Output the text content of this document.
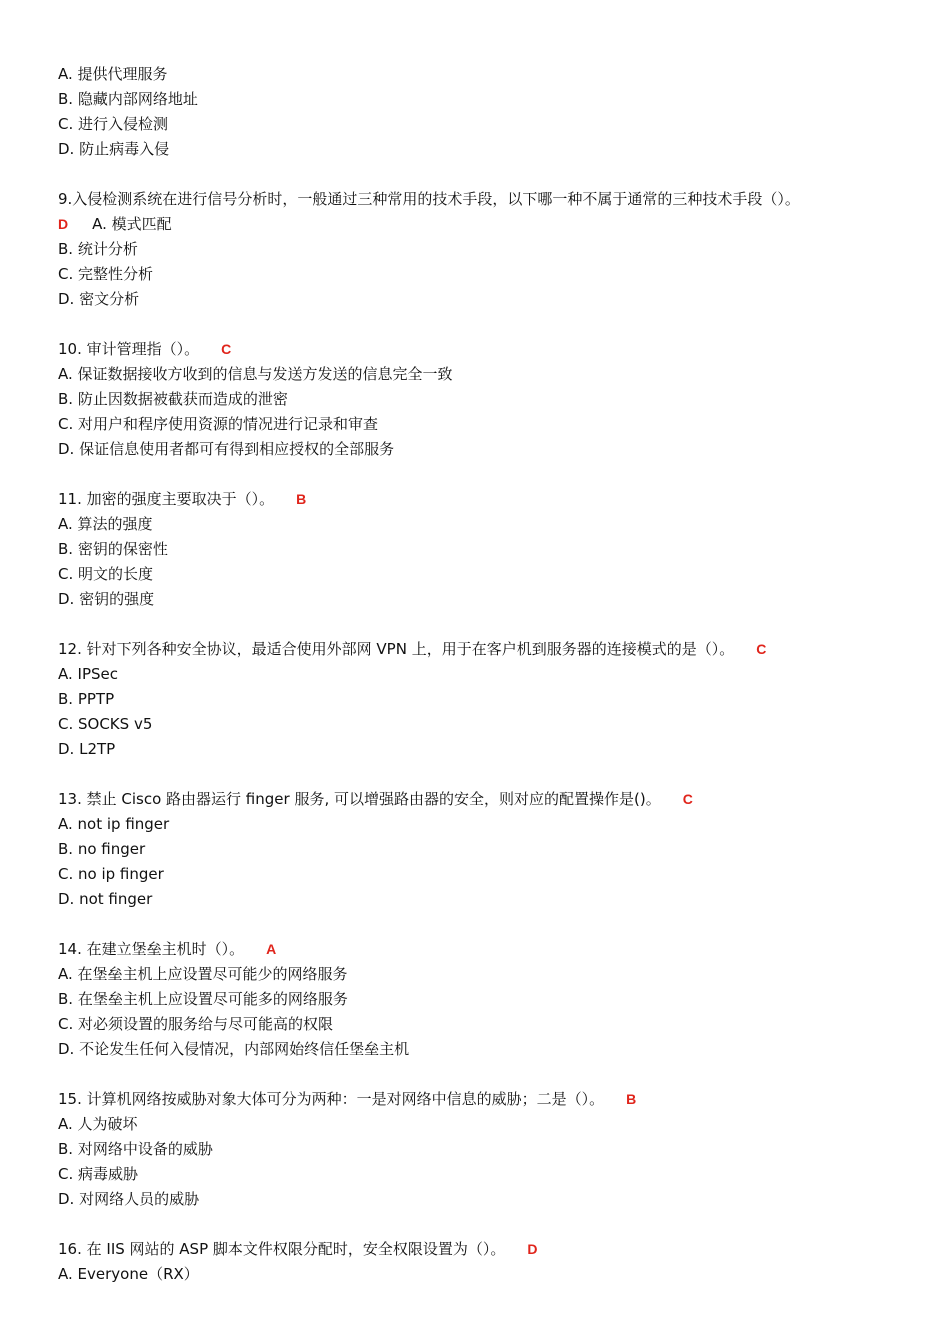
A. 提供代理服务
B. 隐藏内部网络地址
C. 进行入侵检测
D. 防止病毒入侵
9.入侵检测系统在进行信号分析时，一般通过三种常用的技术手段，以下哪一种不属于通常的三种技术手段（）。
D A. 模式匹配
B. 统计分析
C. 完整性分析
D. 密文分析
10. 审计管理指（）。 C
A. 保证数据接收方收到的信息与发送方发送的信息完全一致
B. 防止因数据被截获而造成的泄密
C. 对用户和程序使用资源的情况进行记录和审查
D. 保证信息使用者都可有得到相应授权的全部服务
11. 加密的强度主要取决于（）。 B
A. 算法的强度
B. 密钥的保密性
C. 明文的长度
D. 密钥的强度
12. 针对下列各种安全协议，最适合使用外部网 VPN 上，用于在客户机到服务器的连接模式的是（）。 C
A. IPSec
B. PPTP
C. SOCKS v5
D. L2TP
13. 禁止 Cisco 路由器运行 finger 服务, 可以增强路由器的安全，则对应的配置操作是()。 C
A. not ip finger
B. no finger
C. no ip finger
D. not finger
14. 在建立堡垒主机时（）。 A
A. 在堡垒主机上应设置尽可能少的网络服务
B. 在堡垒主机上应设置尽可能多的网络服务
C. 对必须设置的服务给与尽可能高的权限
D. 不论发生任何入侵情况，内部网始终信任堡垒主机
15. 计算机网络按威胁对象大体可分为两种：一是对网络中信息的威胁；二是（）。 B
A. 人为破坏
B. 对网络中设备的威胁
C. 病毒威胁
D. 对网络人员的威胁
16. 在 IIS 网站的 ASP 脚本文件权限分配时，安全权限设置为（）。 D
A. Everyone（RX）
